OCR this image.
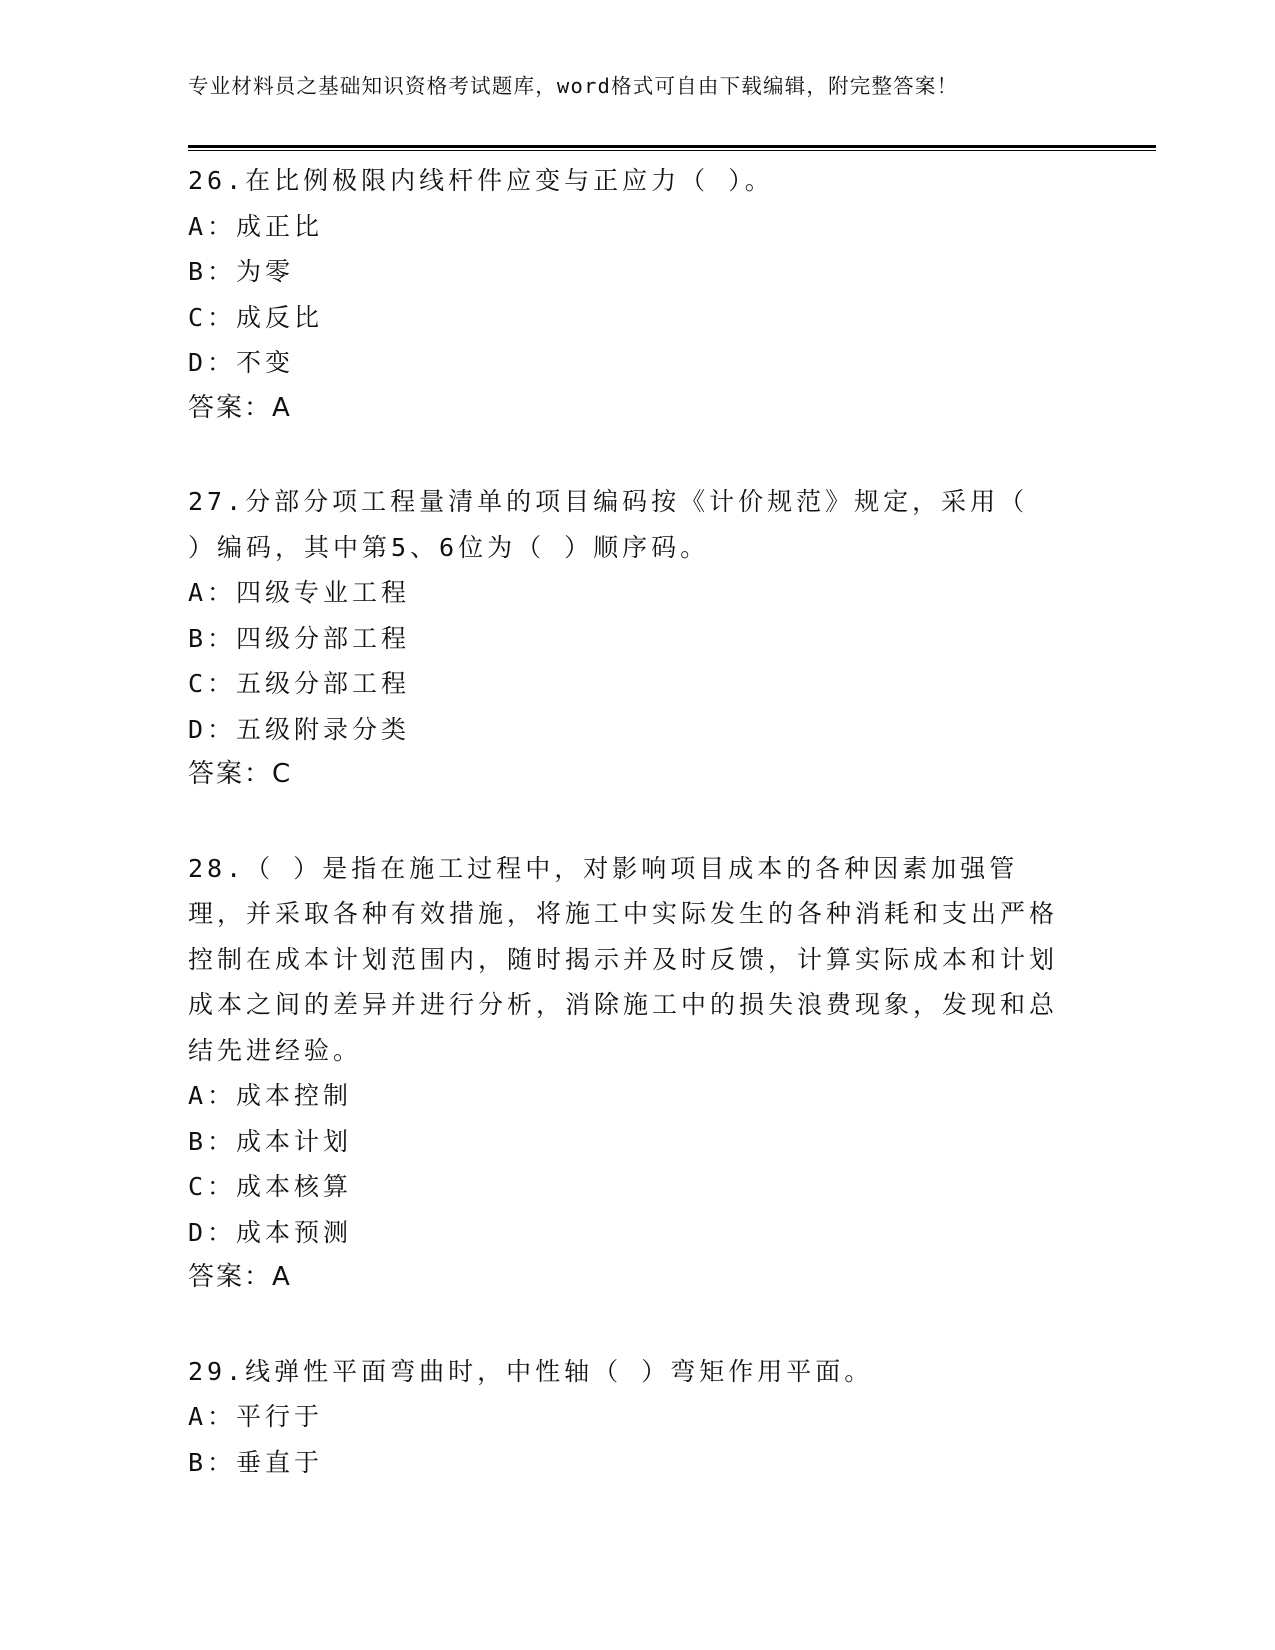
专业材料员之基础知识资格考试题库，word格式可自由下载编辑，附完整答案！
26.在比例极限内线杆件应变与正应力（ ）。
A：成正比
B：为零
C：成反比
D：不变
答案：A
27.分部分项工程量清单的项目编码按《计价规范》规定，采用（ ）编码，其中第5、6位为（ ）顺序码。
A：四级专业工程
B：四级分部工程
C：五级分部工程
D：五级附录分类
答案：C
28.（ ）是指在施工过程中，对影响项目成本的各种因素加强管理，并采取各种有效措施，将施工中实际发生的各种消耗和支出严格控制在成本计划范围内，随时揭示并及时反馈，计算实际成本和计划成本之间的差异并进行分析，消除施工中的损失浪费现象，发现和总结先进经验。
A：成本控制
B：成本计划
C：成本核算
D：成本预测
答案：A
29.线弹性平面弯曲时，中性轴（ ）弯矩作用平面。
A：平行于
B：垂直于
